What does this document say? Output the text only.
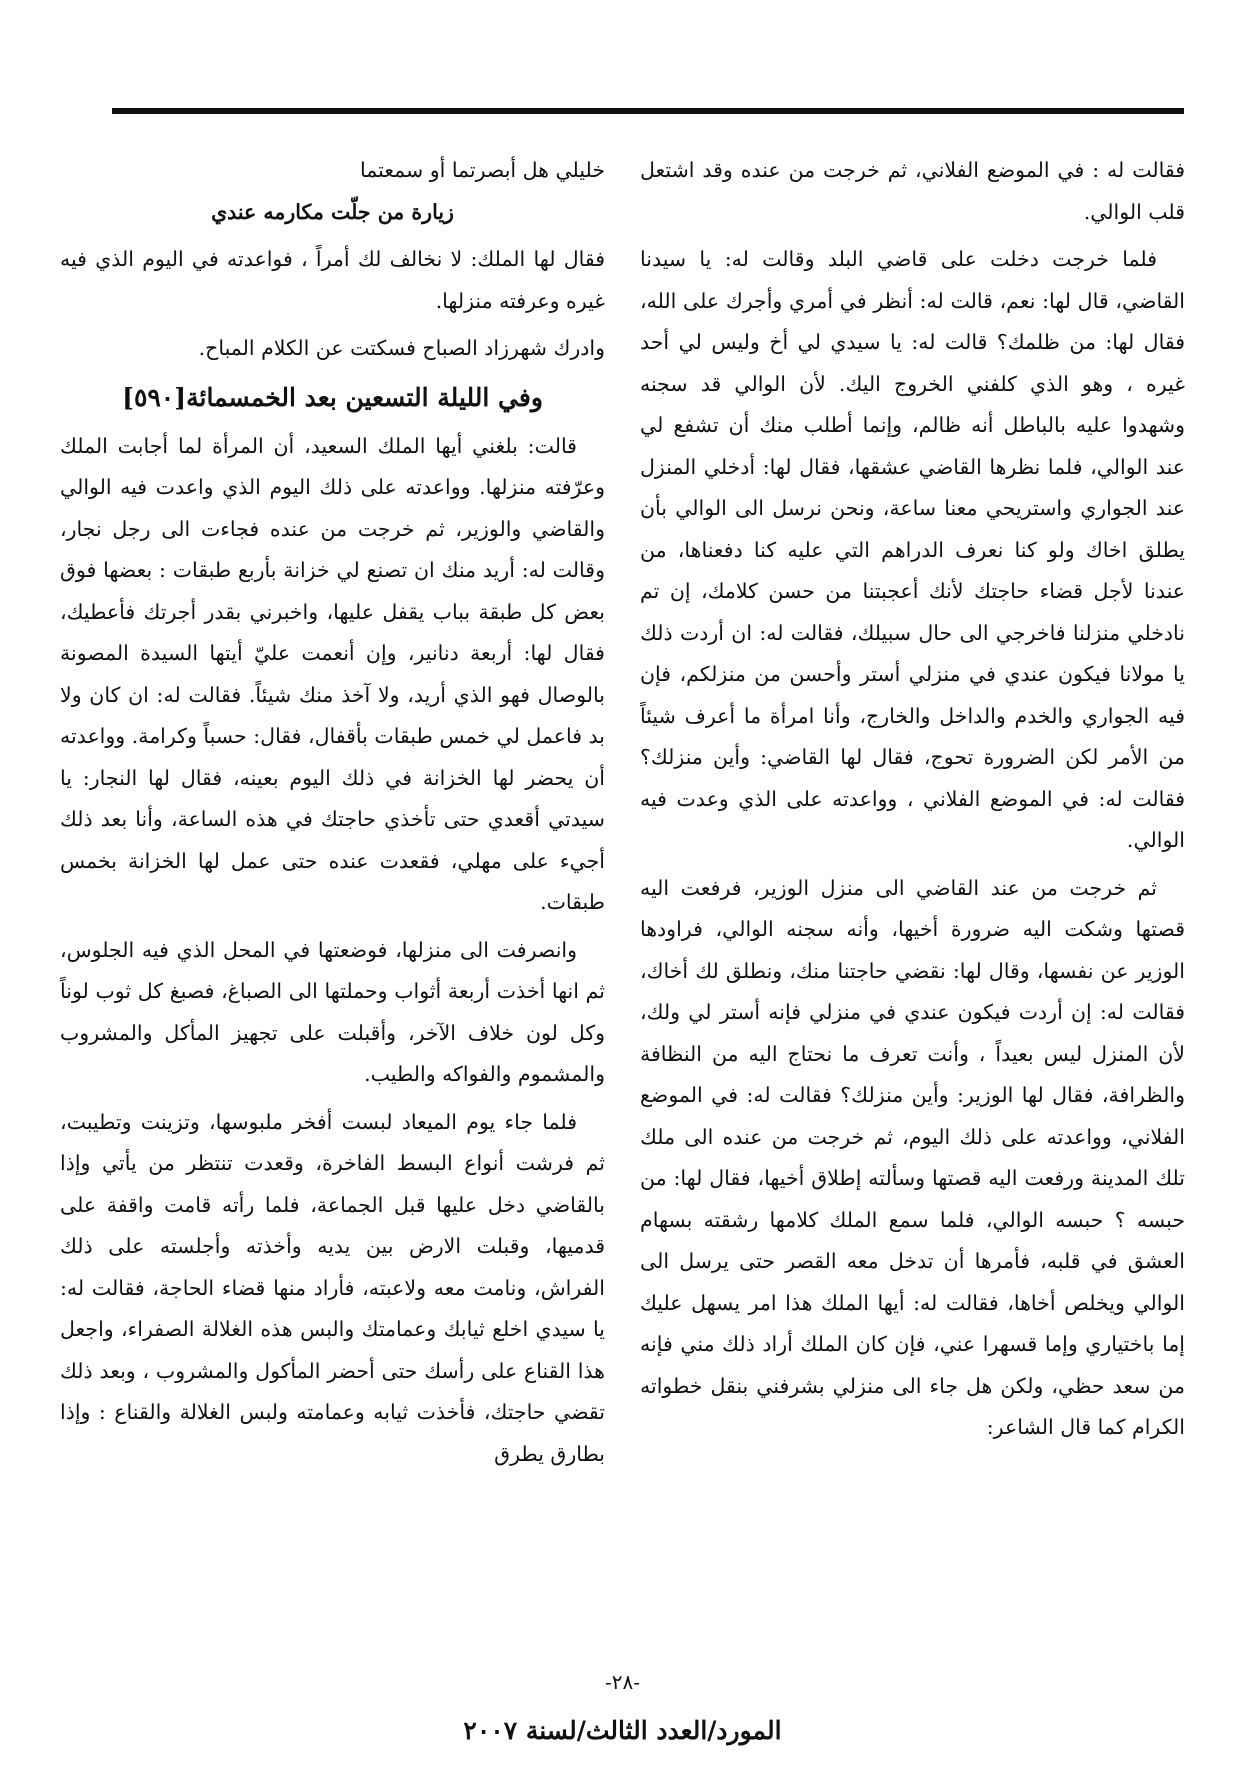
فقالت له : في الموضع الفلاني، ثم خرجت من عنده وقد اشتعل قلب الوالي.

فلما خرجت دخلت على قاضي البلد وقالت له: يا سيدنا القاضي، قال لها: نعم، قالت له: أنظر في أمري وأجرك على الله، فقال لها: من ظلمك؟ قالت له: يا سيدي لي أخ وليس لي أحد غيره ، وهو الذي كلفني الخروج اليك. لأن الوالي قد سجنه وشهدوا عليه بالباطل أنه ظالم، وإنما أطلب منك أن تشفع لي عند الوالي، فلما نظرها القاضي عشقها، فقال لها: أدخلي المنزل عند الجواري واستريحي معنا ساعة، ونحن نرسل الى الوالي بأن يطلق اخاك ولو كنا نعرف الدراهم التي عليه كنا دفعناها، من عندنا لأجل قضاء حاجتك لأنك أعجبتنا من حسن كلامك، إن تم نادخلي منزلنا فاخرجي الى حال سبيلك، فقالت له: ان أردت ذلك يا مولانا فيكون عندي في منزلي أستر وأحسن من منزلكم، فإن فيه الجواري والخدم والداخل والخارج، وأنا امرأة ما أعرف شيئاً من الأمر لكن الضرورة تحوج، فقال لها القاضي: وأين منزلك؟ فقالت له: في الموضع الفلاني ، وواعدته على الذي وعدت فيه الوالي.

ثم خرجت من عند القاضي الى منزل الوزير، فرفعت اليه قصتها وشكت اليه ضرورة أخيها، وأنه سجنه الوالي، فراودها الوزير عن نفسها، وقال لها: نقضي حاجتنا منك، ونطلق لك أخاك، فقالت له: إن أردت فيكون عندي في منزلي فإنه أستر لي ولك، لأن المنزل ليس بعيداً ، وأنت تعرف ما نحتاج اليه من النظافة والظرافة، فقال لها الوزير: وأين منزلك؟ فقالت له: في الموضع الفلاني، وواعدته على ذلك اليوم، ثم خرجت من عنده الى ملك تلك المدينة ورفعت اليه قصتها وسألته إطلاق أخيها، فقال لها: من حبسه ؟ حبسه الوالي، فلما سمع الملك كلامها رشقته بسهام العشق في قلبه، فأمرها أن تدخل معه القصر حتى يرسل الى الوالي ويخلص أخاها، فقالت له: أيها الملك هذا امر يسهل عليك إما باختياري وإما قسهرا عني، فإن كان الملك أراد ذلك مني فإنه من سعد حظي، ولكن هل جاء الى منزلي بشرفني بنقل خطواته الكرام كما قال الشاعر:

خليلي هل أبصرتما أو سمعتما

زيارة من جلّت مكارمه عندي

فقال لها الملك: لا نخالف لك أمراً ، فواعدته في اليوم الذي فيه غيره وعرفته منزلها.

وادرك شهرزاد الصباح فسكتت عن الكلام المباح.

وفي الليلة التسعين بعد الخمسمائة[٥٩٠]

قالت: بلغني أيها الملك السعيد، أن المرأة لما أجابت الملك وعرّفته منزلها. وواعدته على ذلك اليوم الذي واعدت فيه الوالي والقاضي والوزير، ثم خرجت من عنده فجاءت الى رجل نجار، وقالت له: أريد منك ان تصنع لي خزانة بأربع طبقات : بعضها فوق بعض كل طبقة بباب يقفل عليها، واخبرني بقدر أجرتك فأعطيك، فقال لها: أربعة دنانير، وإن أنعمت عليّ أيتها السيدة المصونة بالوصال فهو الذي أريد، ولا آخذ منك شيئاً. فقالت له: ان كان ولا بد فاعمل لي خمس طبقات بأقفال، فقال: حسباً وكرامة. وواعدته أن يحضر لها الخزانة في ذلك اليوم بعينه، فقال لها النجار: يا سيدتي أقعدي حتى تأخذي حاجتك في هذه الساعة، وأنا بعد ذلك أجيء على مهلي، فقعدت عنده حتى عمل لها الخزانة بخمس طبقات.

وانصرفت الى منزلها، فوضعتها في المحل الذي فيه الجلوس، ثم انها أخذت أربعة أثواب وحملتها الى الصباغ، فصبغ كل ثوب لوناً وكل لون خلاف الآخر، وأقبلت على تجهيز المأكل والمشروب والمشموم والفواكه والطيب.

فلما جاء يوم الميعاد لبست أفخر ملبوسها، وتزينت وتطيبت، ثم فرشت أنواع البسط الفاخرة، وقعدت تنتظر من يأتي وإذا بالقاضي دخل عليها قبل الجماعة، فلما رأته قامت واقفة على قدميها، وقبلت الارض بين يديه وأخذته وأجلسته على ذلك الفراش، ونامت معه ولاعبته، فأراد منها قضاء الحاجة، فقالت له: يا سيدي اخلع ثيابك وعمامتك والبس هذه الغلالة الصفراء، واجعل هذا القناع على رأسك حتى أحضر المأكول والمشروب ، وبعد ذلك تقضي حاجتك، فأخذت ثيابه وعمامته ولبس الغلالة والقناع : وإذا بطارق يطرق

-٢٨-
المورد/العدد الثالث/لسنة ٢٠٠٧
